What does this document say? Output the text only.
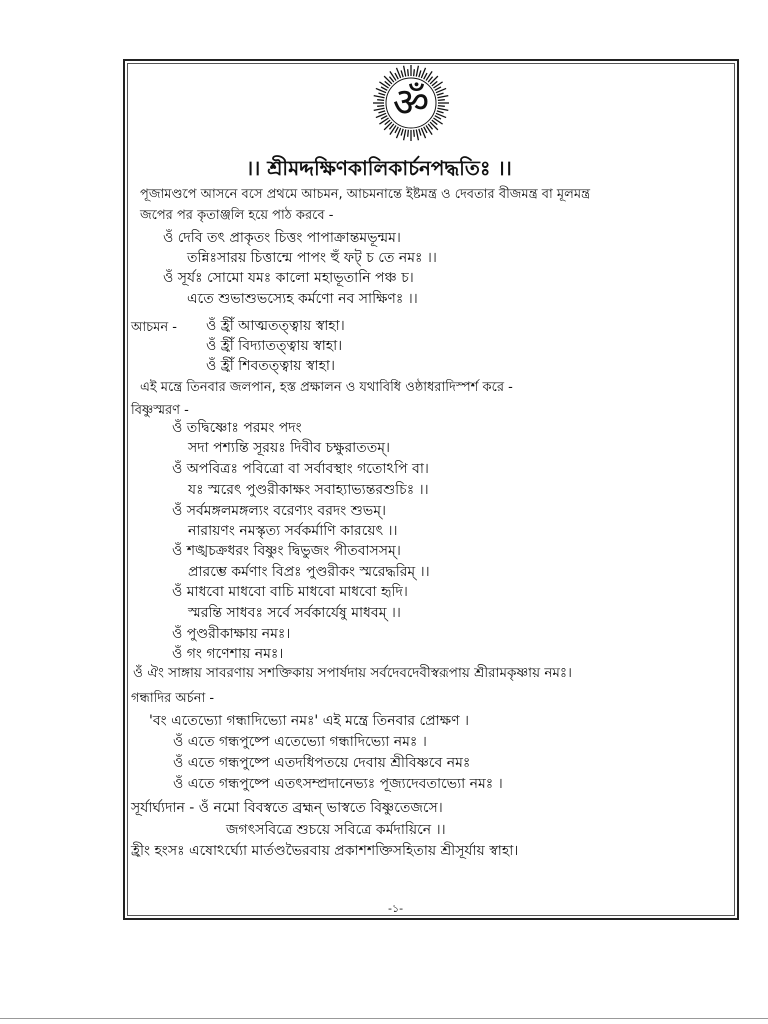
ॐ
।। শ্রীমদ্দক্ষিণকালিকার্চনপদ্ধতিঃ ।।
পূজামণ্ডপে আসনে বসে প্রথমে আচমন, আচমনান্তে ইষ্টমন্ত্র ও দেবতার বীজমন্ত্র বা মূলমন্ত্র
জপের পর কৃতাঞ্জলি হয়ে পাঠ করবে -
ওঁ দেবি তৎ প্রাকৃতং চিত্তং পাপাক্রান্তমভূন্মম।
তন্নিঃসারয় চিত্তান্মে পাপং হুঁ ফট্ চ তে নমঃ ।।
ওঁ সূর্যঃ সোমো যমঃ কালো মহাভূতানি পঞ্চ চ।
এতে শুভাশুভস্যেহ কর্মণো নব সাক্ষিণঃ ।।
আচমন - ওঁ হ্রীঁ আত্মতত্ত্বায় স্বাহা।
ওঁ হ্রীঁ বিদ্যাতত্ত্বায় স্বাহা।
ওঁ হ্রীঁ শিবতত্ত্বায় স্বাহা।
এই মন্ত্রে তিনবার জলপান, হস্ত প্রক্ষালন ও যথাবিধি ওষ্ঠাধরাদিস্পর্শ করে -
বিষ্ণুস্মরণ -
ওঁ তদ্বিষ্ণোঃ পরমং পদং
সদা পশ্যন্তি সূরয়ঃ দিবীব চক্ষুরাততম্।
ওঁ অপবিত্রঃ পবিত্রো বা সর্বাবস্থাং গতোঽপি বা।
যঃ স্মরেৎ পুণ্ডরীকাক্ষং সবাহ্যাভ্যন্তরশুচিঃ ।।
ওঁ সর্বমঙ্গলমঙ্গল্যং বরেণ্যং বরদং শুভম্।
নারায়ণং নমস্কৃত্য সর্বকর্মাণি কারয়েৎ ।।
ওঁ শঙ্খচক্রধরং বিষ্ণুং দ্বিভুজং পীতবাসসম্।
প্রারম্ভে কর্মণাং বিপ্রঃ পুণ্ডরীকং স্মরেদ্ধরিম্ ।।
ওঁ মাধবো মাধবো বাচি মাধবো মাধবো হৃদি।
স্মরন্তি সাধবঃ সর্বে সর্বকার্যেষু মাধবম্ ।।
ওঁ পুণ্ডরীকাক্ষায় নমঃ।
ওঁ গং গণেশায় নমঃ।
ওঁ ঐং সাঙ্গায় সাবরণায় সশক্তিকায় সপার্ষদায় সর্বদেবদেবীস্বরূপায় শ্রীরামকৃষ্ণায় নমঃ।
গন্ধাদির অর্চনা -
'বং এতেভ্যো গন্ধাদিভ্যো নমঃ' এই মন্ত্রে তিনবার প্রোক্ষণ ।
ওঁ এতে গন্ধপুষ্পে এতেভ্যো গন্ধাদিভ্যো নমঃ ।
ওঁ এতে গন্ধপুষ্পে এতদধিপতয়ে দেবায় শ্রীবিষ্ণবে নমঃ
ওঁ এতে গন্ধপুষ্পে এতৎসম্প্রদানেভ্যঃ পূজ্যদেবতাভ্যো নমঃ ।
সূর্যার্ঘ্যদান - ওঁ নমো বিবস্বতে ব্রহ্মন্ ভাস্বতে বিষ্ণুতেজসে।
জগৎসবিত্রে শুচয়ে সবিত্রে কর্মদায়িনে ।।
হ্রীং হংসঃ এষোঽর্ঘ্যো মার্তণ্ডভৈরবায় প্রকাশশক্তিসহিতায় শ্রীসূর্যায় স্বাহা।
-১-
